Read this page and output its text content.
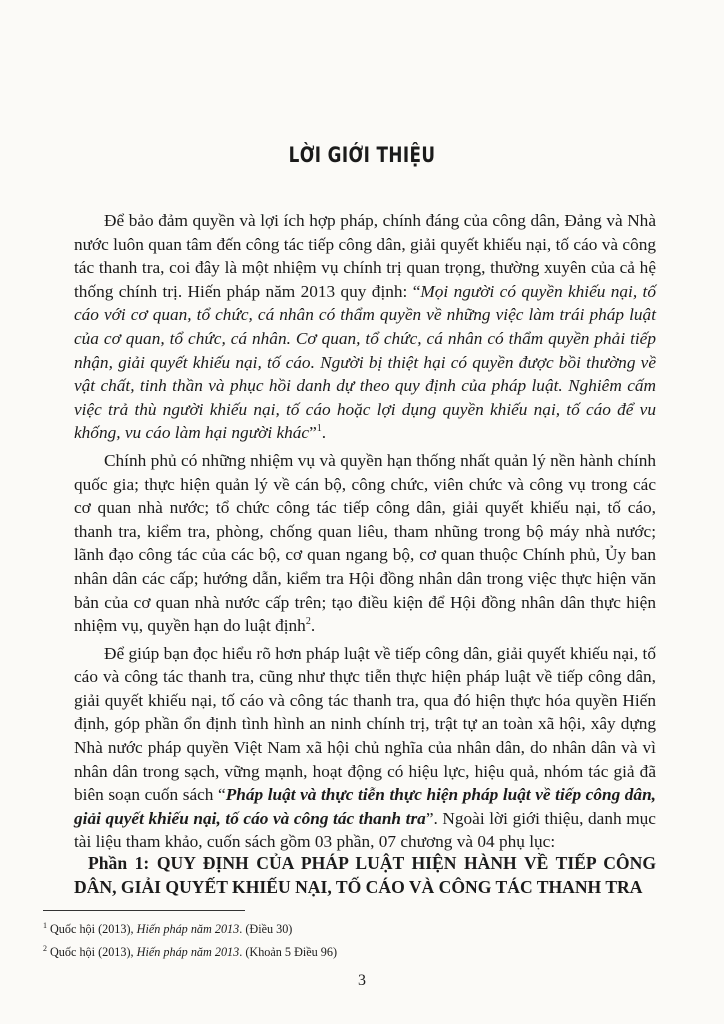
LỜI GIỚI THIỆU

Để bảo đảm quyền và lợi ích hợp pháp, chính đáng của công dân, Đảng và Nhà nước luôn quan tâm đến công tác tiếp công dân, giải quyết khiếu nại, tố cáo và công tác thanh tra, coi đây là một nhiệm vụ chính trị quan trọng, thường xuyên của cả hệ thống chính trị. Hiến pháp năm 2013 quy định: “Mọi người có quyền khiếu nại, tố cáo với cơ quan, tổ chức, cá nhân có thẩm quyền về những việc làm trái pháp luật của cơ quan, tổ chức, cá nhân. Cơ quan, tổ chức, cá nhân có thẩm quyền phải tiếp nhận, giải quyết khiếu nại, tố cáo. Người bị thiệt hại có quyền được bồi thường về vật chất, tinh thần và phục hồi danh dự theo quy định của pháp luật. Nghiêm cấm việc trả thù người khiếu nại, tố cáo hoặc lợi dụng quyền khiếu nại, tố cáo để vu khống, vu cáo làm hại người khác”$^1$.

Chính phủ có những nhiệm vụ và quyền hạn thống nhất quản lý nền hành chính quốc gia; thực hiện quản lý về cán bộ, công chức, viên chức và công vụ trong các cơ quan nhà nước; tổ chức công tác tiếp công dân, giải quyết khiếu nại, tố cáo, thanh tra, kiểm tra, phòng, chống quan liêu, tham nhũng trong bộ máy nhà nước; lãnh đạo công tác của các bộ, cơ quan ngang bộ, cơ quan thuộc Chính phủ, Ủy ban nhân dân các cấp; hướng dẫn, kiểm tra Hội đồng nhân dân trong việc thực hiện văn bản của cơ quan nhà nước cấp trên; tạo điều kiện để Hội đồng nhân dân thực hiện nhiệm vụ, quyền hạn do luật định$^2$.

Để giúp bạn đọc hiểu rõ hơn pháp luật về tiếp công dân, giải quyết khiếu nại, tố cáo và công tác thanh tra, cũng như thực tiễn thực hiện pháp luật về tiếp công dân, giải quyết khiếu nại, tố cáo và công tác thanh tra, qua đó hiện thực hóa quyền Hiến định, góp phần ổn định tình hình an ninh chính trị, trật tự an toàn xã hội, xây dựng Nhà nước pháp quyền Việt Nam xã hội chủ nghĩa của nhân dân, do nhân dân và vì nhân dân trong sạch, vững mạnh, hoạt động có hiệu lực, hiệu quả, nhóm tác giả đã biên soạn cuốn sách “Pháp luật và thực tiễn thực hiện pháp luật về tiếp công dân, giải quyết khiếu nại, tố cáo và công tác thanh tra”. Ngoài lời giới thiệu, danh mục tài liệu tham khảo, cuốn sách gồm 03 phần, 07 chương và 04 phụ lục:

Phần 1: QUY ĐỊNH CỦA PHÁP LUẬT HIỆN HÀNH VỀ TIẾP CÔNG DÂN, GIẢI QUYẾT KHIẾU NẠI, TỐ CÁO VÀ CÔNG TÁC THANH TRA
$^1$ Quốc hội (2013), Hiến pháp năm 2013. (Điều 30)
$^2$ Quốc hội (2013), Hiến pháp năm 2013. (Khoản 5 Điều 96)
3
